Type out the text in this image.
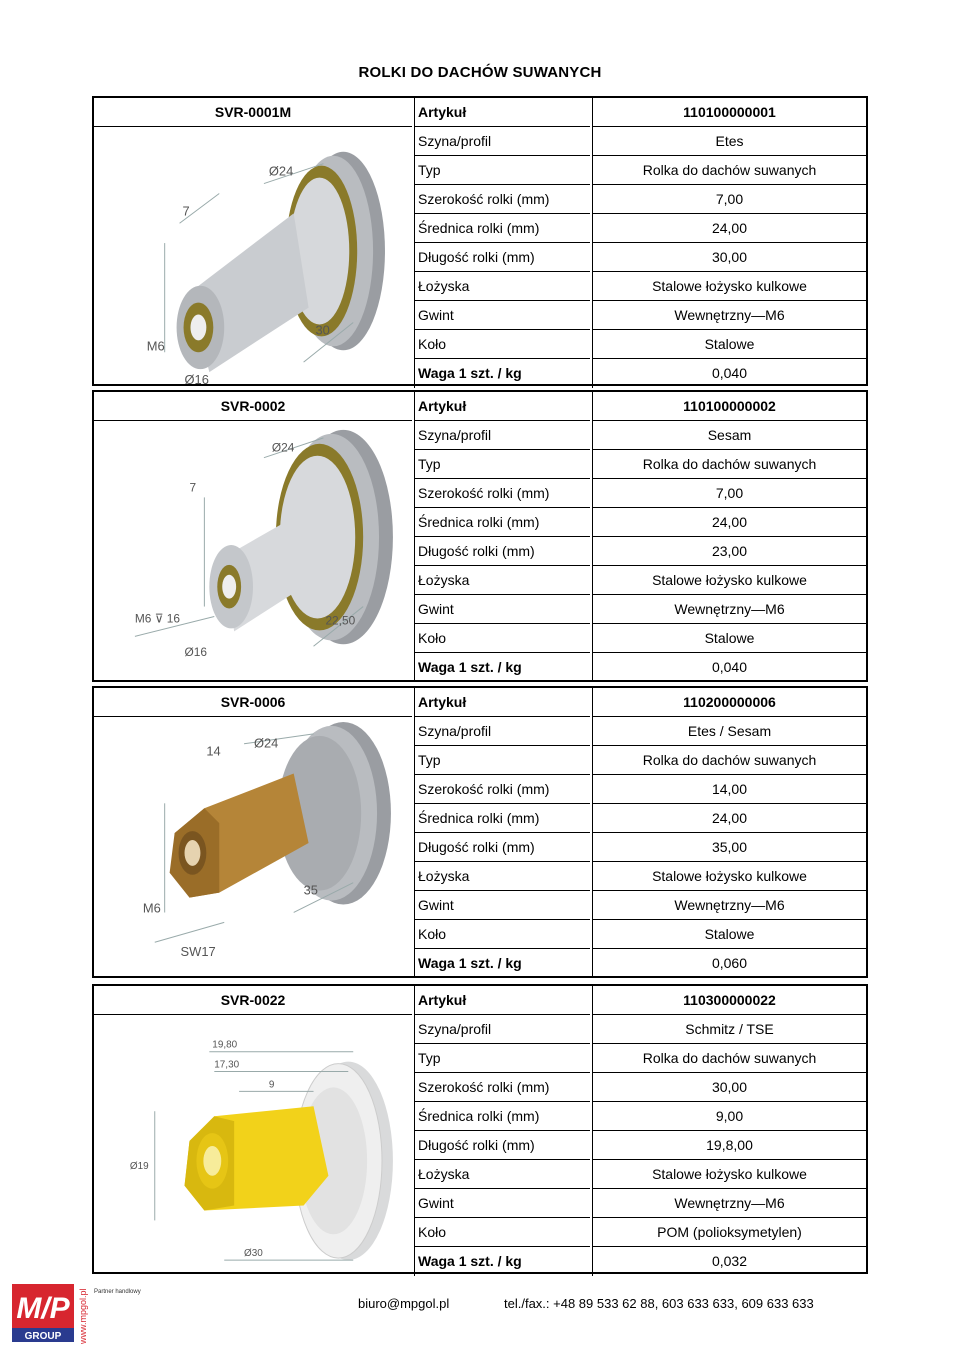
ROLKI DO DACHÓW SUWANYCH
Ø24
7
30
M6
Ø16
SVR-0001M	Artykuł	110100000001
Szyna/profil	Etes
Typ	Rolka do dachów suwanych
Szerokość rolki (mm)	7,00
Średnica rolki (mm)	24,00
Długość rolki (mm)	30,00
Łożyska	Stalowe łożysko kulkowe
Gwint	Wewnętrzny—M6
Koło	Stalowe
Waga 1 szt. / kg	0,040
Ø24
7
22,50
M6 ⊽ 16
Ø16
SVR-0002	Artykuł	110100000002
Szyna/profil	Sesam
Typ	Rolka do dachów suwanych
Szerokość rolki (mm)	7,00
Średnica rolki (mm)	24,00
Długość rolki (mm)	23,00
Łożyska	Stalowe łożysko kulkowe
Gwint	Wewnętrzny—M6
Koło	Stalowe
Waga 1 szt. / kg	0,040
Ø24
14
35
M6
SW17
SVR-0006	Artykuł	110200000006
Szyna/profil	Etes / Sesam
Typ	Rolka do dachów suwanych
Szerokość rolki (mm)	14,00
Średnica rolki (mm)	24,00
Długość rolki (mm)	35,00
Łożyska	Stalowe łożysko kulkowe
Gwint	Wewnętrzny—M6
Koło	Stalowe
Waga 1 szt. / kg	0,060
19,80
17,30
9
Ø19
Ø30
SVR-0022	Artykuł	110300000022
Szyna/profil	Schmitz / TSE
Typ	Rolka do dachów suwanych
Szerokość rolki (mm)	30,00
Średnica rolki (mm)	9,00
Długość rolki (mm)	19,8,00
Łożyska	Stalowe łożysko kulkowe
Gwint	Wewnętrzny—M6
Koło	POM (polioksymetylen)
Waga 1 szt. / kg	0,032
M/P
GROUP www.mpgol.pl Partner handlowy
biuro@mpgol.pl	tel./fax.: +48 89 533 62 88, 603 633 633, 609 633 633
